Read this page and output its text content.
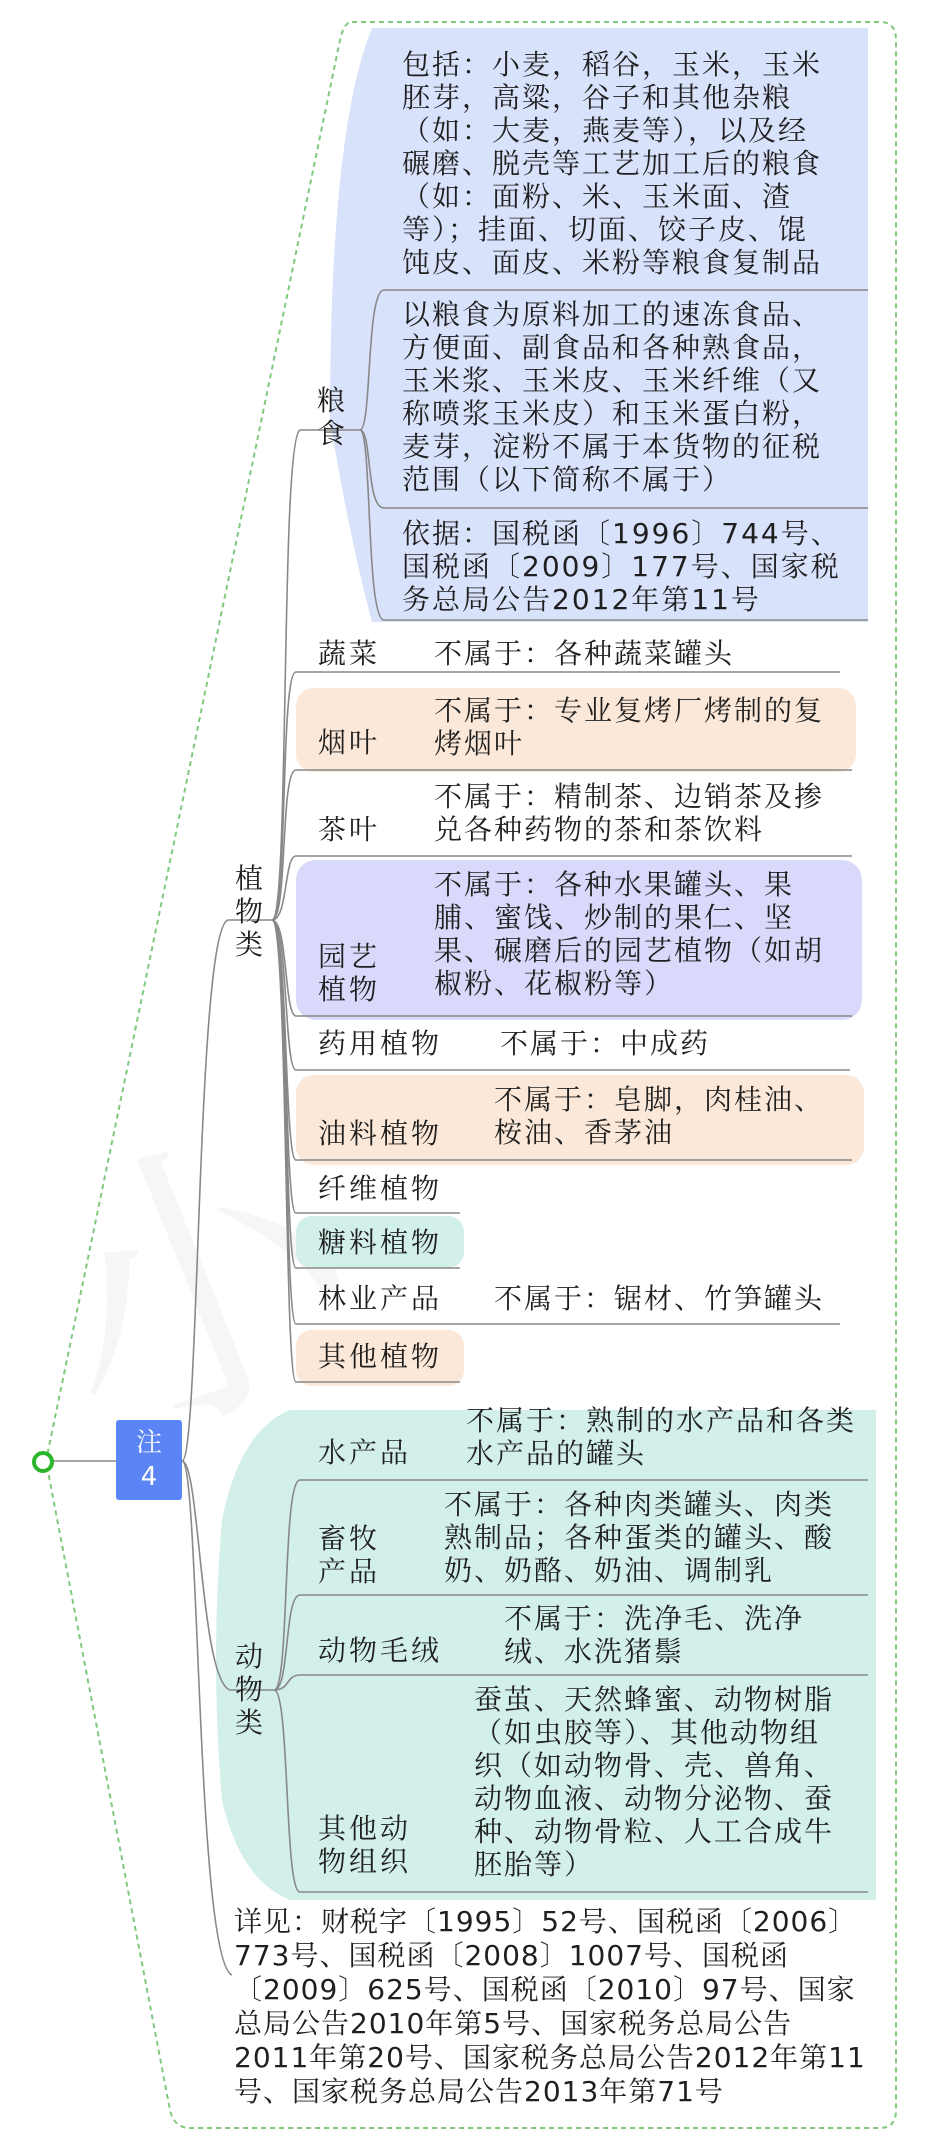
注
4
植
物
类
动
物
类
粮
食
包括：小麦，稻谷，玉米，玉米
胚芽，高粱，谷子和其他杂粮
（如：大麦，燕麦等），以及经
碾磨、脱壳等工艺加工后的粮食
（如：面粉、米、玉米面、渣
等）；挂面、切面、饺子皮、馄
饨皮、面皮、米粉等粮食复制品
以粮食为原料加工的速冻食品、
方便面、副食品和各种熟食品，
玉米浆、玉米皮、玉米纤维（又
称喷浆玉米皮）和玉米蛋白粉，
麦芽，淀粉不属于本货物的征税
范围（以下简称不属于）
依据：国税函〔1996〕744号、
国税函〔2009〕177号、国家税
务总局公告2012年第11号
蔬菜 不属于：各种蔬菜罐头
烟叶
不属于：专业复烤厂烤制的复
烤烟叶
茶叶
不属于：精制茶、边销茶及掺
兑各种药物的茶和茶饮料
园艺
植物
不属于：各种水果罐头、果
脯、蜜饯、炒制的果仁、坚
果、碾磨后的园艺植物（如胡
椒粉、花椒粉等）
药用植物 不属于：中成药
油料植物
不属于：皂脚，肉桂油、
桉油、香茅油
纤维植物
糖料植物
林业产品 不属于：锯材、竹笋罐头
其他植物
水产品
不属于：熟制的水产品和各类
水产品的罐头
畜牧
产品
不属于：各种肉类罐头、肉类
熟制品；各种蛋类的罐头、酸
奶、奶酪、奶油、调制乳
动物毛绒
不属于：洗净毛、洗净
绒、水洗猪鬃
其他动
物组织
蚕茧、天然蜂蜜、动物树脂
（如虫胶等）、其他动物组
织（如动物骨、壳、兽角、
动物血液、动物分泌物、蚕
种、动物骨粒、人工合成牛
胚胎等）
详见：财税字〔1995〕52号、国税函〔2006〕
773号、国税函〔2008〕1007号、国税函
〔2009〕625号、国税函〔2010〕97号、国家
总局公告2010年第5号、国家税务总局公告
2011年第20号、国家税务总局公告2012年第11
号、国家税务总局公告2013年第71号
